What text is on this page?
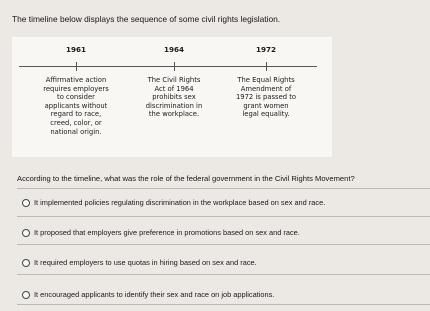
The timeline below displays the sequence of some civil rights legislation.
1961	1964	1972
Affirmative action
requires employers
to consider
applicants without
regard to race,
creed, color, or
national origin.
The Civil Rights
Act of 1964
prohibits sex
discrimination in
the workplace.
The Equal Rights
Amendment of
1972 is passed to
grant women
legal equality.
According to the timeline, what was the role of the federal government in the Civil Rights Movement?
It implemented policies regulating discrimination in the workplace based on sex and race.
It proposed that employers give preference in promotions based on sex and race.
It required employers to use quotas in hiring based on sex and race.
It encouraged applicants to identify their sex and race on job applications.
